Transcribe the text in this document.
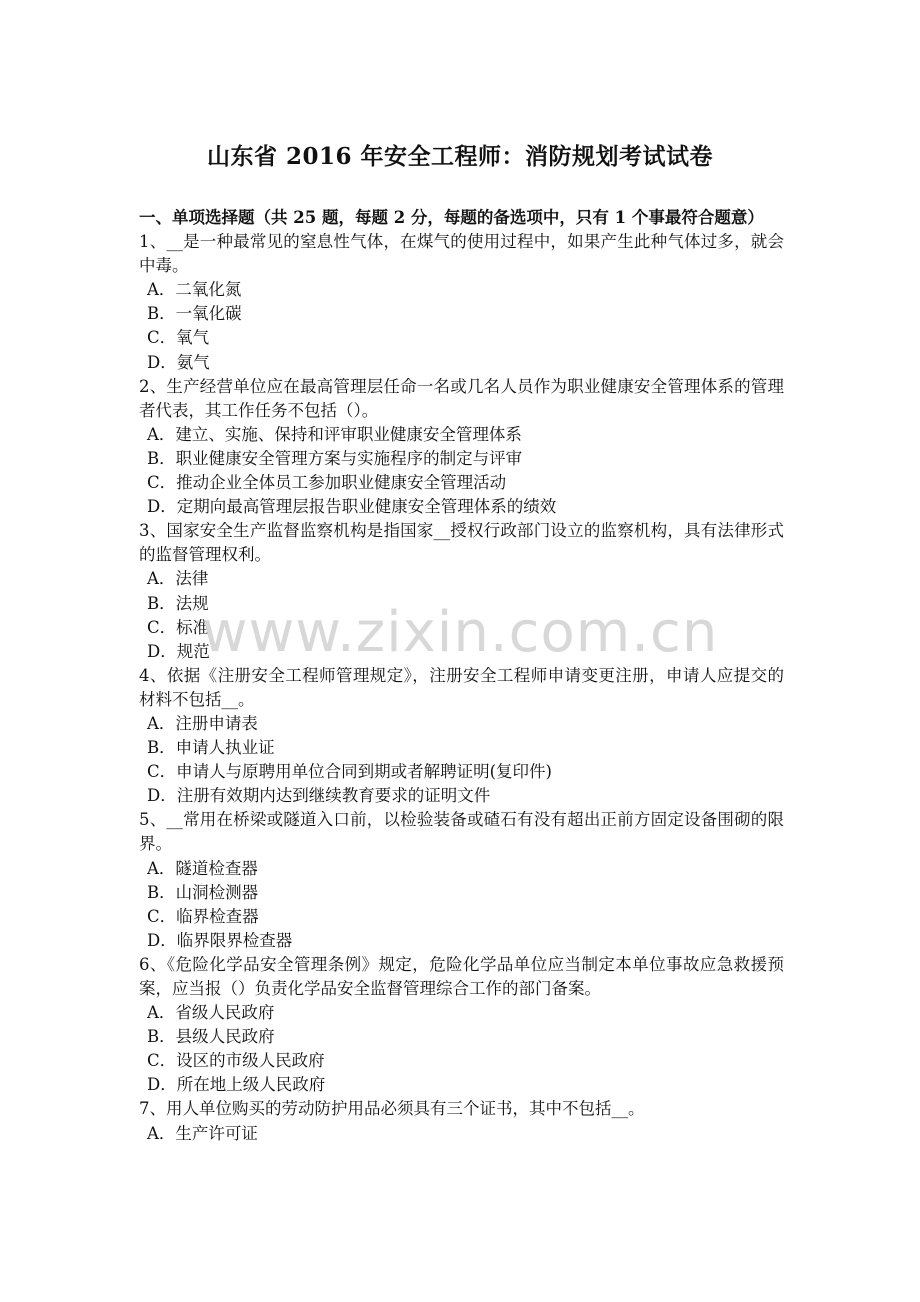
山东省 2016 年安全工程师：消防规划考试试卷

一、单项选择题（共 25 题，每题 2 分，每题的备选项中，只有 1 个事最符合题意）

1、__是一种最常见的窒息性气体，在煤气的使用过程中，如果产生此种气体过多，就会中毒。

A．二氧化氮

B．一氧化碳

C．氧气

D．氨气

2、生产经营单位应在最高管理层任命一名或几名人员作为职业健康安全管理体系的管理者代表，其工作任务不包括（）。

A．建立、实施、保持和评审职业健康安全管理体系

B．职业健康安全管理方案与实施程序的制定与评审

C．推动企业全体员工参加职业健康安全管理活动

D．定期向最高管理层报告职业健康安全管理体系的绩效

3、国家安全生产监督监察机构是指国家__授权行政部门设立的监察机构，具有法律形式的监督管理权利。

A．法律

B．法规

C．标准

D．规范

4、依据《注册安全工程师管理规定》，注册安全工程师申请变更注册，申请人应提交的材料不包括__。

A．注册申请表

B．申请人执业证

C．申请人与原聘用单位合同到期或者解聘证明(复印件)

D．注册有效期内达到继续教育要求的证明文件

5、__常用在桥梁或隧道入口前，以检验装备或碴石有没有超出正前方固定设备围砌的限界。

A．隧道检查器

B．山洞检测器

C．临界检查器

D．临界限界检查器

6、《危险化学品安全管理条例》规定，危险化学品单位应当制定本单位事故应急救援预案，应当报（）负责化学品安全监督管理综合工作的部门备案。

A．省级人民政府

B．县级人民政府

C．设区的市级人民政府

D．所在地上级人民政府

7、用人单位购买的劳动防护用品必须具有三个证书，其中不包括__。

A．生产许可证

www.zixin.com.cn
